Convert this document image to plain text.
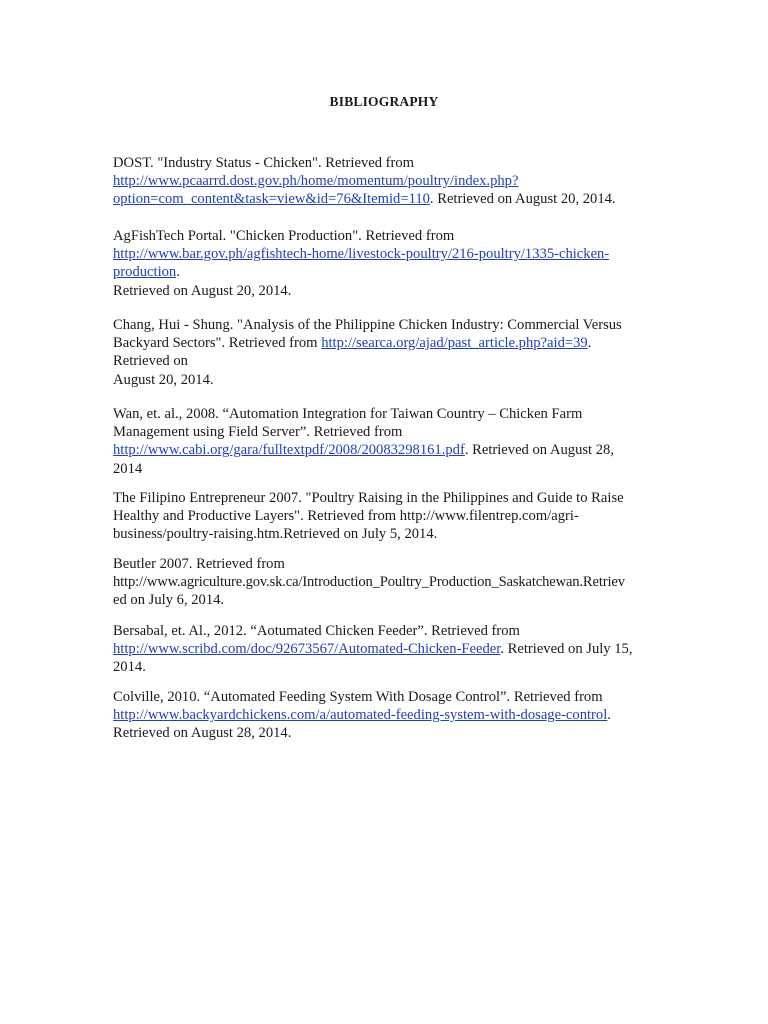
BIBLIOGRAPHY
DOST. "Industry Status - Chicken". Retrieved from
http://www.pcaarrd.dost.gov.ph/home/momentum/poultry/index.php?
option=com_content&task=view&id=76&Itemid=110. Retrieved on August 20, 2014.
AgFishTech Portal. "Chicken Production". Retrieved from
http://www.bar.gov.ph/agfishtech-home/livestock-poultry/216-poultry/1335-chicken-
production.
Retrieved on August 20, 2014.
Chang, Hui - Shung. "Analysis of the Philippine Chicken Industry: Commercial Versus
Backyard Sectors". Retrieved from http://searca.org/ajad/past_article.php?aid=39.
Retrieved on
August 20, 2014.
Wan, et. al., 2008. “Automation Integration for Taiwan Country – Chicken Farm
Management using Field Server”. Retrieved from
http://www.cabi.org/gara/fulltextpdf/2008/20083298161.pdf. Retrieved on August 28,
2014
The Filipino Entrepreneur 2007. "Poultry Raising in the Philippines and Guide to Raise
Healthy and Productive Layers". Retrieved from http://www.filentrep.com/agri-
business/poultry-raising.htm.Retrieved on July 5, 2014.
Beutler 2007. Retrieved from
http://www.agriculture.gov.sk.ca/Introduction_Poultry_Production_Saskatchewan.Retriev
ed on July 6, 2014.
Bersabal, et. Al., 2012. “Aotumated Chicken Feeder”. Retrieved from
http://www.scribd.com/doc/92673567/Automated-Chicken-Feeder. Retrieved on July 15,
2014.
Colville, 2010. “Automated Feeding System With Dosage Control”. Retrieved from
http://www.backyardchickens.com/a/automated-feeding-system-with-dosage-control.
Retrieved on August 28, 2014.
